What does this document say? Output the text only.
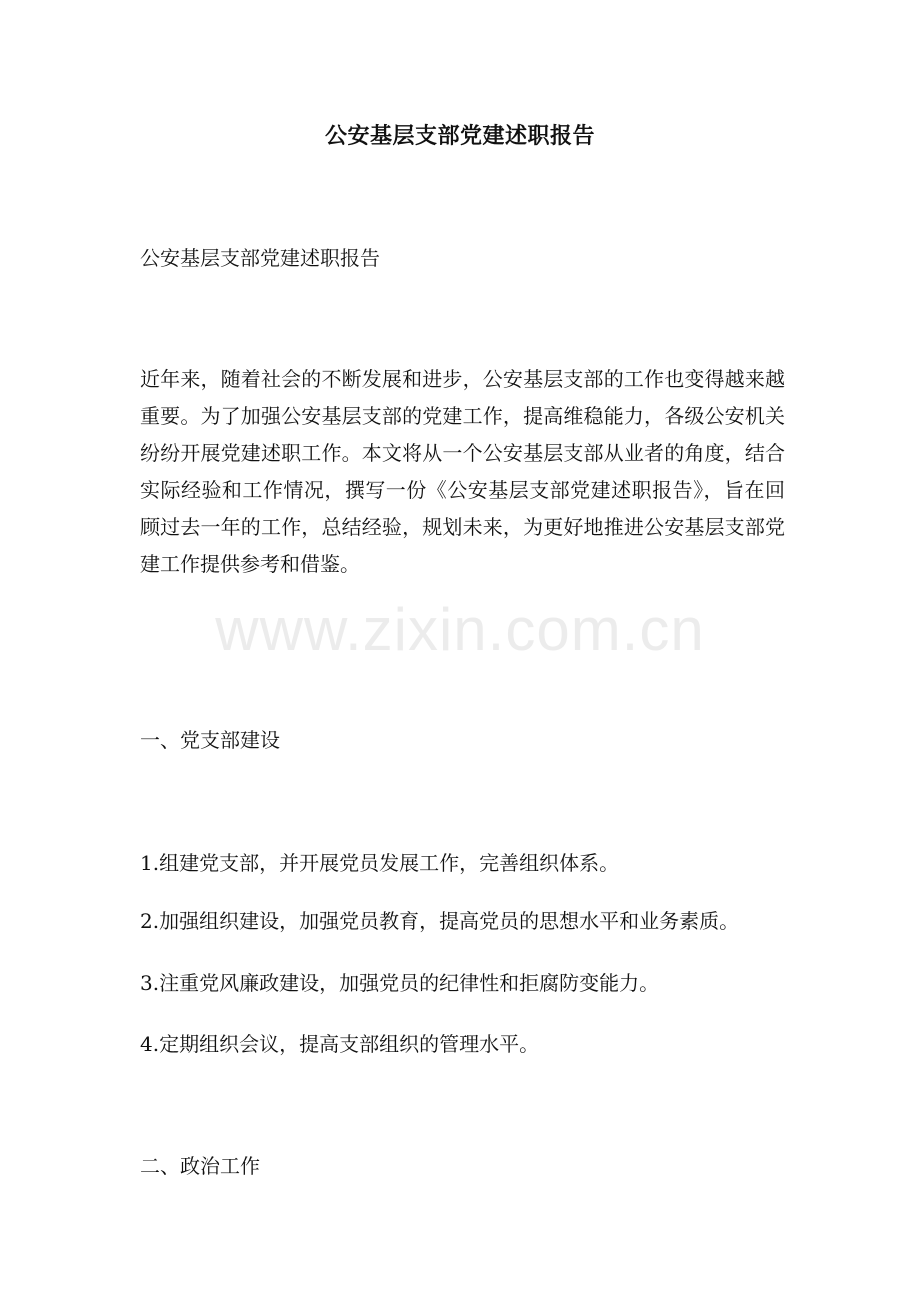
公安基层支部党建述职报告

公安基层支部党建述职报告

近年来，随着社会的不断发展和进步，公安基层支部的工作也变得越来越重要。为了加强公安基层支部的党建工作，提高维稳能力，各级公安机关纷纷开展党建述职工作。本文将从一个公安基层支部从业者的角度，结合实际经验和工作情况，撰写一份《公安基层支部党建述职报告》，旨在回顾过去一年的工作，总结经验，规划未来，为更好地推进公安基层支部党建工作提供参考和借鉴。

一、党支部建设

1.组建党支部，并开展党员发展工作，完善组织体系。

2.加强组织建设，加强党员教育，提高党员的思想水平和业务素质。

3.注重党风廉政建设，加强党员的纪律性和拒腐防变能力。

4.定期组织会议，提高支部组织的管理水平。

二、政治工作

www.zixin.com.cn
